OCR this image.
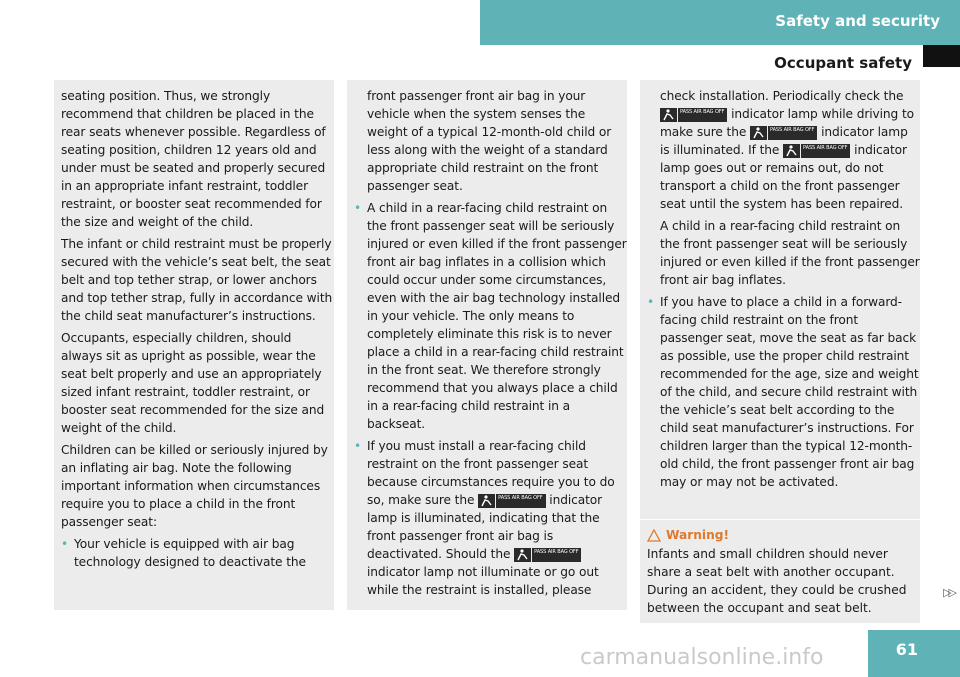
Safety and security
Occupant safety

seating position. Thus, we strongly recommend that children be placed in the rear seats whenever possible. Regardless of seating position, children 12 years old and under must be seated and properly secured in an appropriate infant restraint, toddler restraint, or booster seat recommended for the size and weight of the child.

The infant or child restraint must be properly secured with the vehicle’s seat belt, the seat belt and top tether strap, or lower anchors and top tether strap, fully in accordance with the child seat manufacturer’s instructions.

Occupants, especially children, should always sit as upright as possible, wear the seat belt properly and use an appropriately sized infant restraint, toddler restraint, or booster seat recommended for the size and weight of the child.

Children can be killed or seriously injured by an inflating air bag. Note the following important information when circumstances require you to place a child in the front passenger seat:

• Your vehicle is equipped with air bag technology designed to deactivate the

front passenger front air bag in your vehicle when the system senses the weight of a typical 12-month-old child or less along with the weight of a standard appropriate child restraint on the front passenger seat.

• A child in a rear-facing child restraint on the front passenger seat will be seriously injured or even killed if the front passenger front air bag inflates in a collision which could occur under some circumstances, even with the air bag technology installed in your vehicle. The only means to completely eliminate this risk is to never place a child in a rear-facing child restraint in the front seat. We therefore strongly recommend that you always place a child in a rear-facing child restraint in a backseat.
• If you must install a rear-facing child restraint on the front passenger seat because circumstances require you to do so, make sure the	PASS AIR BAG OFF indicator lamp is illuminated, indicating that the front passenger front air bag is deactivated. Should the	PASS AIR BAG OFF indicator lamp not illuminate or go out while the restraint is installed, please
check installation. Periodically check the
PASS AIR BAG OFF indicator lamp while driving to make sure the	PASS AIR BAG OFF indicator lamp is illuminated. If the	PASS AIR BAG OFF indicator lamp goes out or remains out, do not transport a child on the front passenger seat until the system has been repaired.

A child in a rear-facing child restraint on the front passenger seat will be seriously injured or even killed if the front passenger front air bag inflates.

• If you have to place a child in a forward-facing child restraint on the front passenger seat, move the seat as far back as possible, use the proper child restraint recommended for the age, size and weight of the child, and secure child restraint with the vehicle’s seat belt according to the child seat manufacturer’s instructions. For children larger than the typical 12-month-old child, the front passenger front air bag may or may not be activated.
Warning!
Infants and small children should never share a seat belt with another occupant. During an accident, they could be crushed between the occupant and seat belt.
▷▷
61
carmanualsonline.info
